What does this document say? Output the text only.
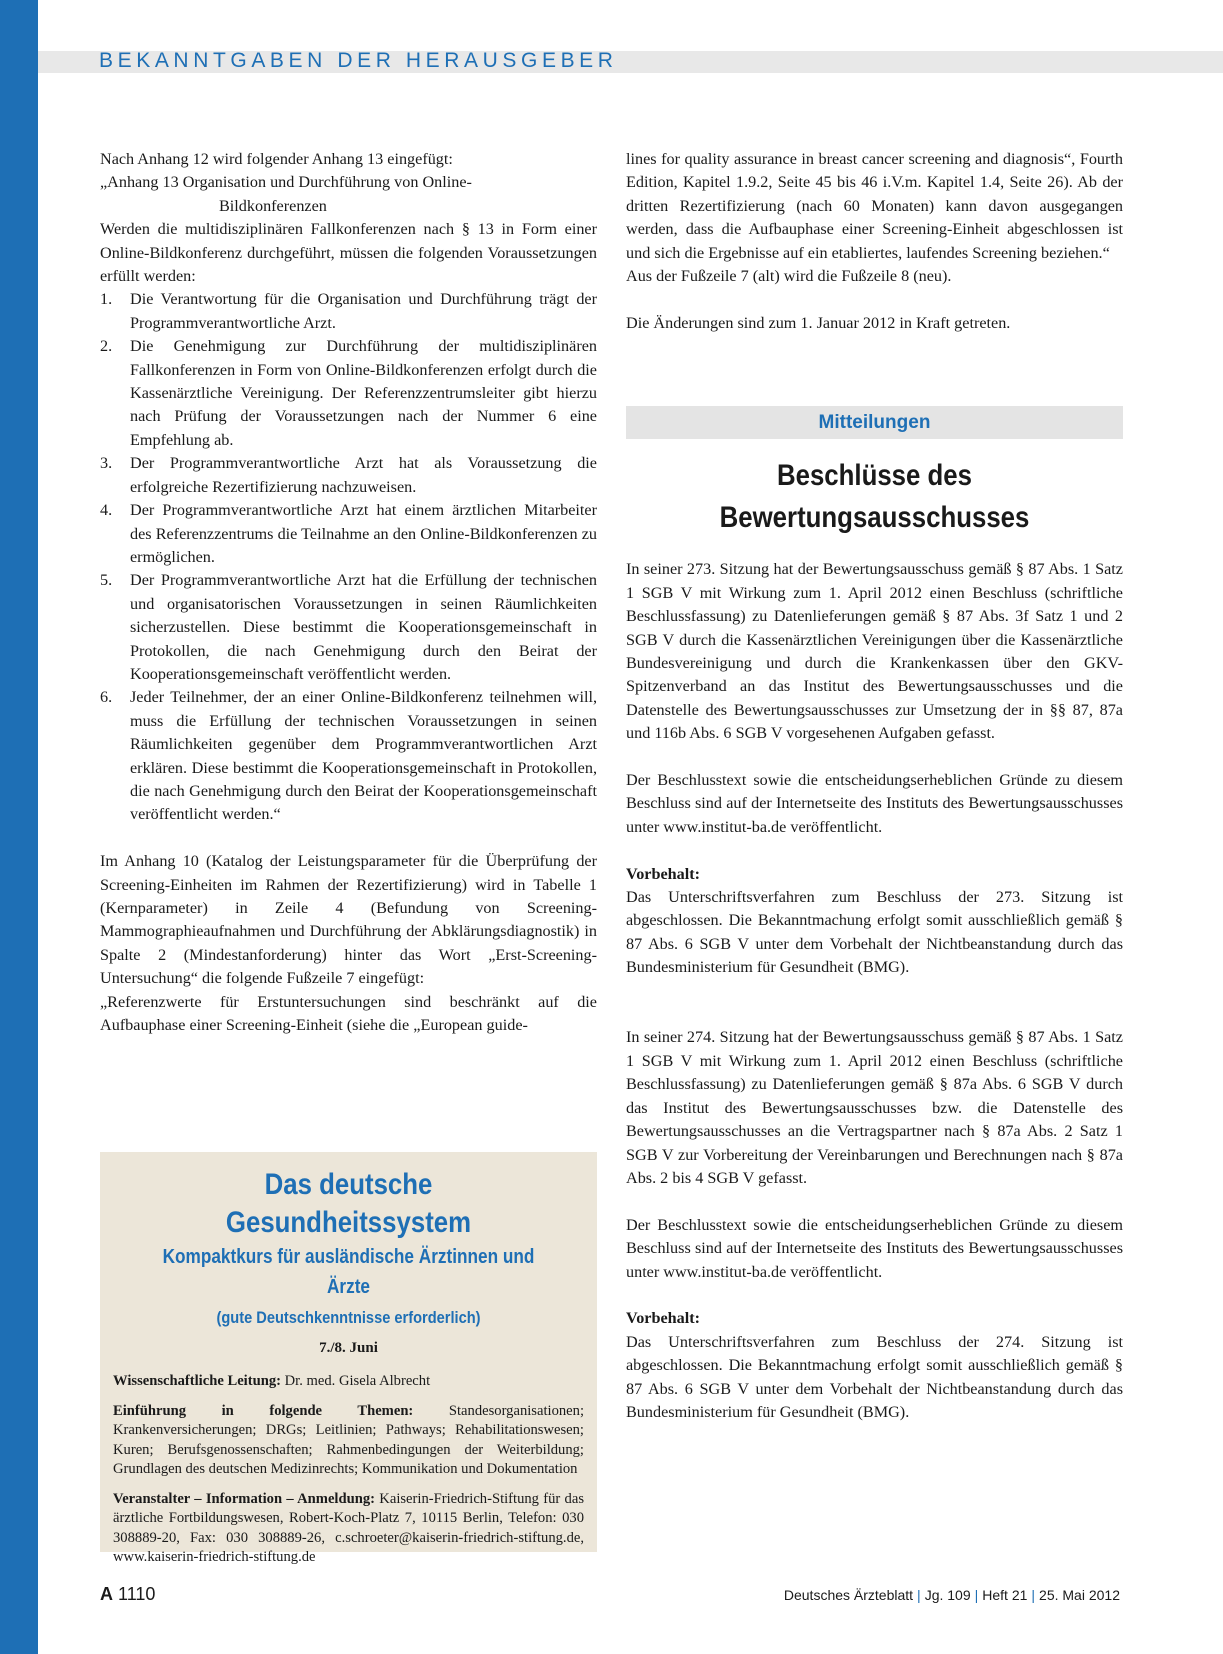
BEKANNTGABEN DER HERAUSGEBER

Nach Anhang 12 wird folgender Anhang 13 eingefügt:

„Anhang 13 Organisation und Durchführung von Online-

Bildkonferenzen

Werden die multidisziplinären Fallkonferenzen nach § 13 in Form einer Online-Bildkonferenz durchgeführt, müssen die folgenden Voraussetzungen erfüllt werden:

1.	Die Verantwortung für die Organisation und Durchführung trägt der Programmverantwortliche Arzt.
2.	Die Genehmigung zur Durchführung der multidisziplinären Fallkonferenzen in Form von Online-Bildkonferenzen erfolgt durch die Kassenärztliche Vereinigung. Der Referenzzentrumsleiter gibt hierzu nach Prüfung der Voraussetzungen nach der Nummer 6 eine Empfehlung ab.
3.	Der Programmverantwortliche Arzt hat als Voraussetzung die erfolgreiche Rezertifizierung nachzuweisen.
4.	Der Programmverantwortliche Arzt hat einem ärztlichen Mitarbeiter des Referenzzentrums die Teilnahme an den Online-Bildkonferenzen zu ermöglichen.
5.	Der Programmverantwortliche Arzt hat die Erfüllung der technischen und organisatorischen Voraussetzungen in seinen Räumlichkeiten sicherzustellen. Diese bestimmt die Kooperationsgemeinschaft in Protokollen, die nach Genehmigung durch den Beirat der Kooperationsgemeinschaft veröffentlicht werden.
6.	Jeder Teilnehmer, der an einer Online-Bildkonferenz teilnehmen will, muss die Erfüllung der technischen Voraussetzungen in seinen Räumlichkeiten gegenüber dem Programmverantwortlichen Arzt erklären. Diese bestimmt die Kooperationsgemeinschaft in Protokollen, die nach Genehmigung durch den Beirat der Kooperationsgemeinschaft veröffentlicht werden.“

Im Anhang 10 (Katalog der Leistungsparameter für die Überprüfung der Screening-Einheiten im Rahmen der Rezertifizierung) wird in Tabelle 1 (Kernparameter) in Zeile 4 (Befundung von Screening-Mammographieaufnahmen und Durchführung der Abklärungsdiagnostik) in Spalte 2 (Mindestanforderung) hinter das Wort „Erst-Screening-Untersuchung“ die folgende Fußzeile 7 eingefügt:

„Referenzwerte für Erstuntersuchungen sind beschränkt auf die Aufbauphase einer Screening-Einheit (siehe die „European guide-

lines for quality assurance in breast cancer screening and diagnosis“, Fourth Edition, Kapitel 1.9.2, Seite 45 bis 46 i.V.m. Kapitel 1.4, Seite 26). Ab der dritten Rezertifizierung (nach 60 Monaten) kann davon ausgegangen werden, dass die Aufbauphase einer Screening-Einheit abgeschlossen ist und sich die Ergebnisse auf ein etabliertes, laufendes Screening beziehen.“

Aus der Fußzeile 7 (alt) wird die Fußzeile 8 (neu).

Die Änderungen sind zum 1. Januar 2012 in Kraft getreten.

Mitteilungen
Beschlüsse des
Bewertungsausschusses

In seiner 273. Sitzung hat der Bewertungsausschuss gemäß § 87 Abs. 1 Satz 1 SGB V mit Wirkung zum 1. April 2012 einen Beschluss (schriftliche Beschlussfassung) zu Datenlieferungen gemäß § 87 Abs. 3f Satz 1 und 2 SGB V durch die Kassenärztlichen Vereinigungen über die Kassenärztliche Bundesvereinigung und durch die Krankenkassen über den GKV-Spitzenverband an das Institut des Bewertungsausschusses und die Datenstelle des Bewertungsausschusses zur Umsetzung der in §§ 87, 87a und 116b Abs. 6 SGB V vorgesehenen Aufgaben gefasst.

Der Beschlusstext sowie die entscheidungserheblichen Gründe zu diesem Beschluss sind auf der Internetseite des Instituts des Bewertungsausschusses unter www.institut-ba.de veröffentlicht.

Vorbehalt:

Das Unterschriftsverfahren zum Beschluss der 273. Sitzung ist abgeschlossen. Die Bekanntmachung erfolgt somit ausschließlich gemäß § 87 Abs. 6 SGB V unter dem Vorbehalt der Nichtbeanstandung durch das Bundesministerium für Gesundheit (BMG).

In seiner 274. Sitzung hat der Bewertungsausschuss gemäß § 87 Abs. 1 Satz 1 SGB V mit Wirkung zum 1. April 2012 einen Beschluss (schriftliche Beschlussfassung) zu Datenlieferungen gemäß § 87a Abs. 6 SGB V durch das Institut des Bewertungsausschusses bzw. die Datenstelle des Bewertungsausschusses an die Vertragspartner nach § 87a Abs. 2 Satz 1 SGB V zur Vorbereitung der Vereinbarungen und Berechnungen nach § 87a Abs. 2 bis 4 SGB V gefasst.

Der Beschlusstext sowie die entscheidungserheblichen Gründe zu diesem Beschluss sind auf der Internetseite des Instituts des Bewertungsausschusses unter www.institut-ba.de veröffentlicht.

Vorbehalt:

Das Unterschriftsverfahren zum Beschluss der 274. Sitzung ist abgeschlossen. Die Bekanntmachung erfolgt somit ausschließlich gemäß § 87 Abs. 6 SGB V unter dem Vorbehalt der Nichtbeanstandung durch das Bundesministerium für Gesundheit (BMG).

Das deutsche Gesundheitssystem
Kompaktkurs für ausländische Ärztinnen und Ärzte
(gute Deutschkenntnisse erforderlich)
7./8. Juni

Wissenschaftliche Leitung: Dr. med. Gisela Albrecht

Einführung in folgende Themen: Standesorganisationen; Krankenversicherungen; DRGs; Leitlinien; Pathways; Rehabilitationswesen; Kuren; Berufsgenossenschaften; Rahmenbedingungen der Weiterbildung; Grundlagen des deutschen Medizinrechts; Kommunikation und Dokumentation

Veranstalter – Information – Anmeldung: Kaiserin-Friedrich-Stiftung für das ärztliche Fortbildungswesen, Robert-Koch-Platz 7, 10115 Berlin, Telefon: 030 308889-20, Fax: 030 308889-26, c.schroeter@kaiserin-friedrich-stiftung.de, www.kaiserin-friedrich-stiftung.de

A 1110	Deutsches Ärzteblatt | Jg. 109 | Heft 21 | 25. Mai 2012
